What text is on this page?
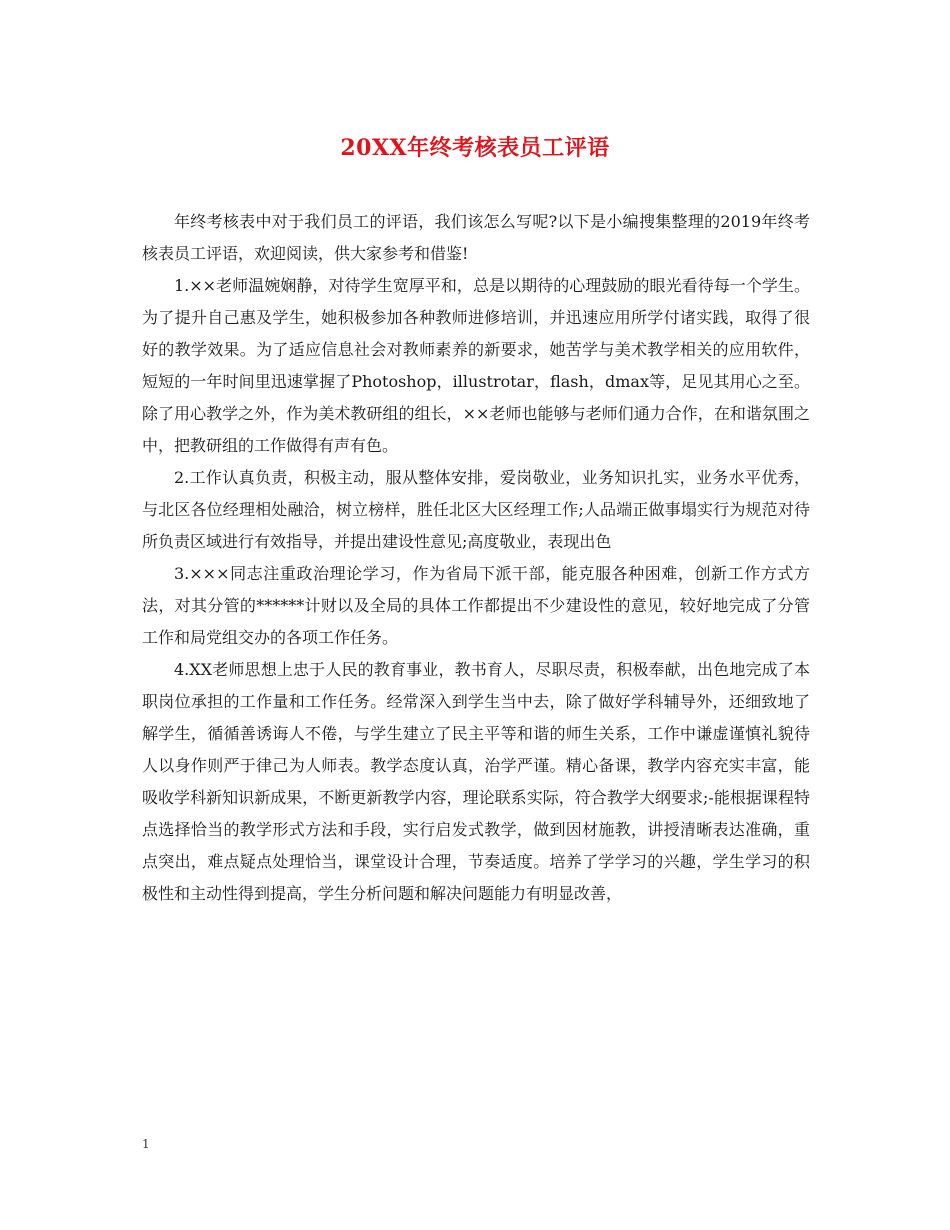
20XX年终考核表员工评语

年终考核表中对于我们员工的评语，我们该怎么写呢?以下是小编搜集整理的2019年终考核表员工评语，欢迎阅读，供大家参考和借鉴!

1.××老师温婉娴静，对待学生宽厚平和，总是以期待的心理鼓励的眼光看待每一个学生。为了提升自己惠及学生，她积极参加各种教师进修培训，并迅速应用所学付诸实践，取得了很好的教学效果。为了适应信息社会对教师素养的新要求，她苦学与美术教学相关的应用软件，短短的一年时间里迅速掌握了Photoshop，illustrotar，flash，dmax等，足见其用心之至。除了用心教学之外，作为美术教研组的组长，××老师也能够与老师们通力合作，在和谐氛围之中，把教研组的工作做得有声有色。

2.工作认真负责，积极主动，服从整体安排，爱岗敬业，业务知识扎实，业务水平优秀，与北区各位经理相处融洽，树立榜样，胜任北区大区经理工作;人品端正做事塌实行为规范对待所负责区域进行有效指导，并提出建设性意见;高度敬业，表现出色

3.×××同志注重政治理论学习，作为省局下派干部，能克服各种困难，创新工作方式方法，对其分管的******计财以及全局的具体工作都提出不少建设性的意见，较好地完成了分管工作和局党组交办的各项工作任务。

4.XX老师思想上忠于人民的教育事业，教书育人，尽职尽责，积极奉献，出色地完成了本职岗位承担的工作量和工作任务。经常深入到学生当中去，除了做好学科辅导外，还细致地了解学生，循循善诱诲人不倦，与学生建立了民主平等和谐的师生关系，工作中谦虚谨慎礼貌待人以身作则严于律己为人师表。教学态度认真，治学严谨。精心备课，教学内容充实丰富，能吸收学科新知识新成果，不断更新教学内容，理论联系实际，符合教学大纲要求;-能根据课程特点选择恰当的教学形式方法和手段，实行启发式教学，做到因材施教，讲授清晰表达准确，重点突出，难点疑点处理恰当，课堂设计合理，节奏适度。培养了学学习的兴趣，学生学习的积极性和主动性得到提高，学生分析问题和解决问题能力有明显改善，

1
